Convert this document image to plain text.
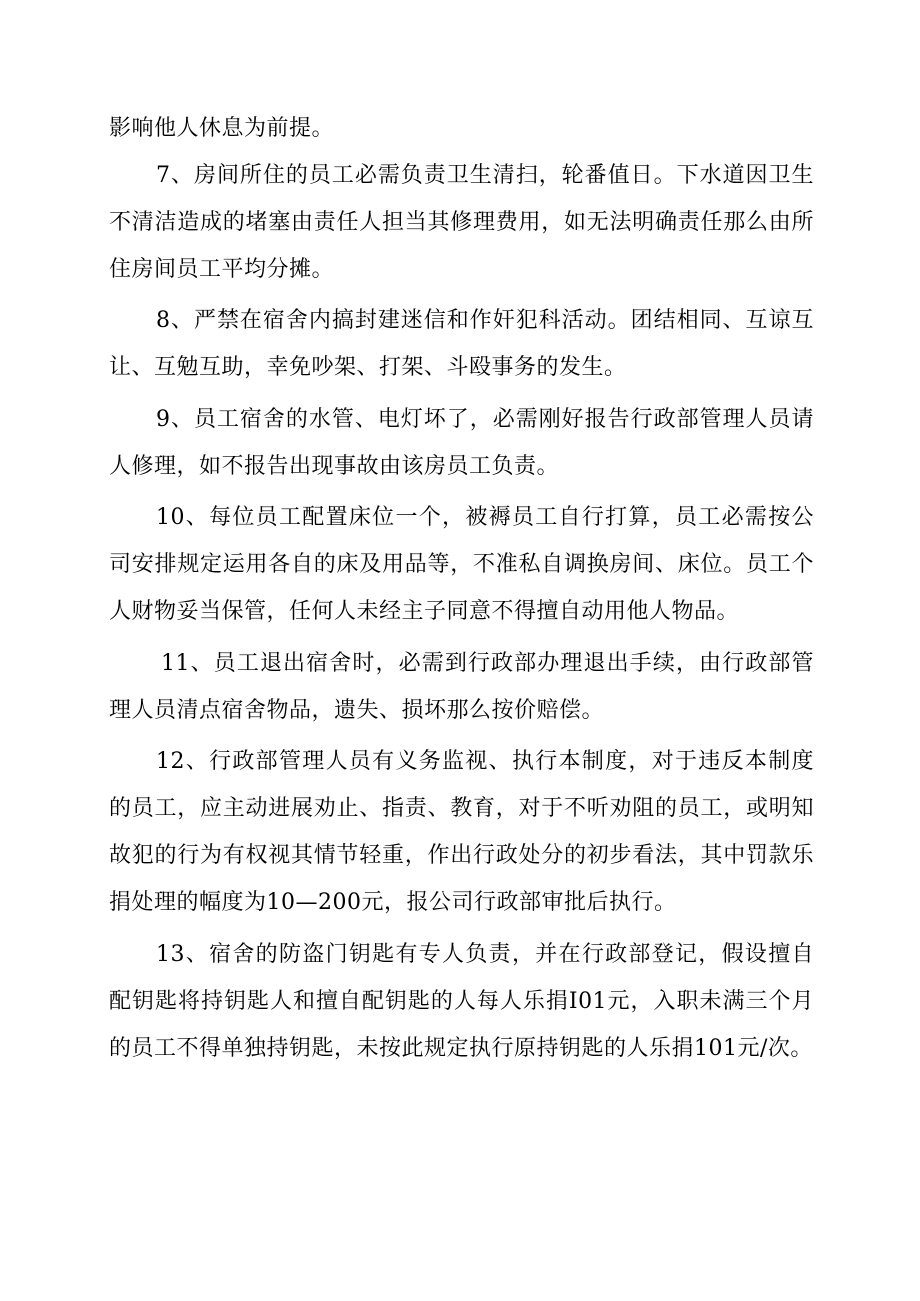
影响他人休息为前提。

7、房间所住的员工必需负责卫生清扫，轮番值日。下水道因卫生不清洁造成的堵塞由责任人担当其修理费用，如无法明确责任那么由所住房间员工平均分摊。

8、严禁在宿舍内搞封建迷信和作奸犯科活动。团结相同、互谅互让、互勉互助，幸免吵架、打架、斗殴事务的发生。

9、员工宿舍的水管、电灯坏了，必需刚好报告行政部管理人员请人修理，如不报告出现事故由该房员工负责。

10、每位员工配置床位一个，被褥员工自行打算，员工必需按公司安排规定运用各自的床及用品等，不准私自调换房间、床位。员工个人财物妥当保管，任何人未经主子同意不得擅自动用他人物品。

11、员工退出宿舍时，必需到行政部办理退出手续，由行政部管理人员清点宿舍物品，遗失、损坏那么按价赔偿。

12、行政部管理人员有义务监视、执行本制度，对于违反本制度的员工，应主动进展劝止、指责、教育，对于不听劝阻的员工，或明知故犯的行为有权视其情节轻重，作出行政处分的初步看法，其中罚款乐捐处理的幅度为10—200元，报公司行政部审批后执行。

13、宿舍的防盗门钥匙有专人负责，并在行政部登记，假设擅自配钥匙将持钥匙人和擅自配钥匙的人每人乐捐I01元，入职未满三个月的员工不得单独持钥匙，未按此规定执行原持钥匙的人乐捐101元/次。
